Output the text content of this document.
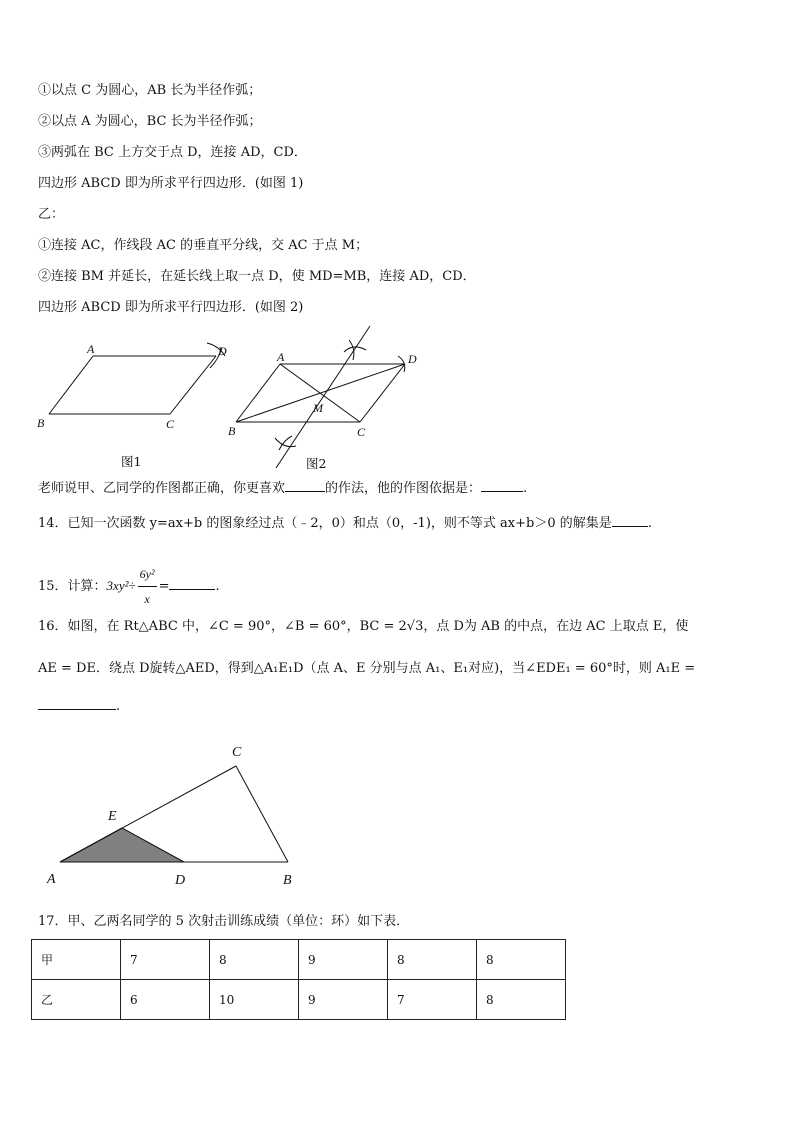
①以点 C 为圆心，AB 长为半径作弧；
②以点 A 为圆心，BC 长为半径作弧；
③两弧在 BC 上方交于点 D，连接 AD，CD．
四边形 ABCD 即为所求平行四边形．(如图 1)
乙：
①连接 AC，作线段 AC 的垂直平分线，交 AC 于点 M；
②连接 BM 并延长，在延长线上取一点 D，使 MD=MB，连接 AD，CD．
四边形 ABCD 即为所求平行四边形．(如图 2)
A	D
B	C
A	D
M
B	C
图1	图2
老师说甲、乙同学的作图都正确，你更喜欢	的作法，他的作图依据是：	.
14．已知一次函数 y=ax+b 的图象经过点（﹣2，0）和点（0，-1)，则不等式 ax+b＞0 的解集是	.
15．计算：$3xy^2\div \frac{\text{6y²}}{x}$ =	.
16．如图，在 Rt△ABC 中，∠C = 90°，∠B = 60°，BC = 2√3，点 D为 AB 的中点，在边 AC 上取点 E，使
AE = DE．绕点 D旋转△AED，得到△A₁E₁D（点 A、E 分别与点 A₁、E₁对应)，当∠EDE₁ = 60°时，则 A₁E =
.
C
E
A	D	B
17．甲、乙两名同学的 5 次射击训练成绩（单位：环）如下表．
甲	7	8	9	8	8
乙	6	10	9	7	8
